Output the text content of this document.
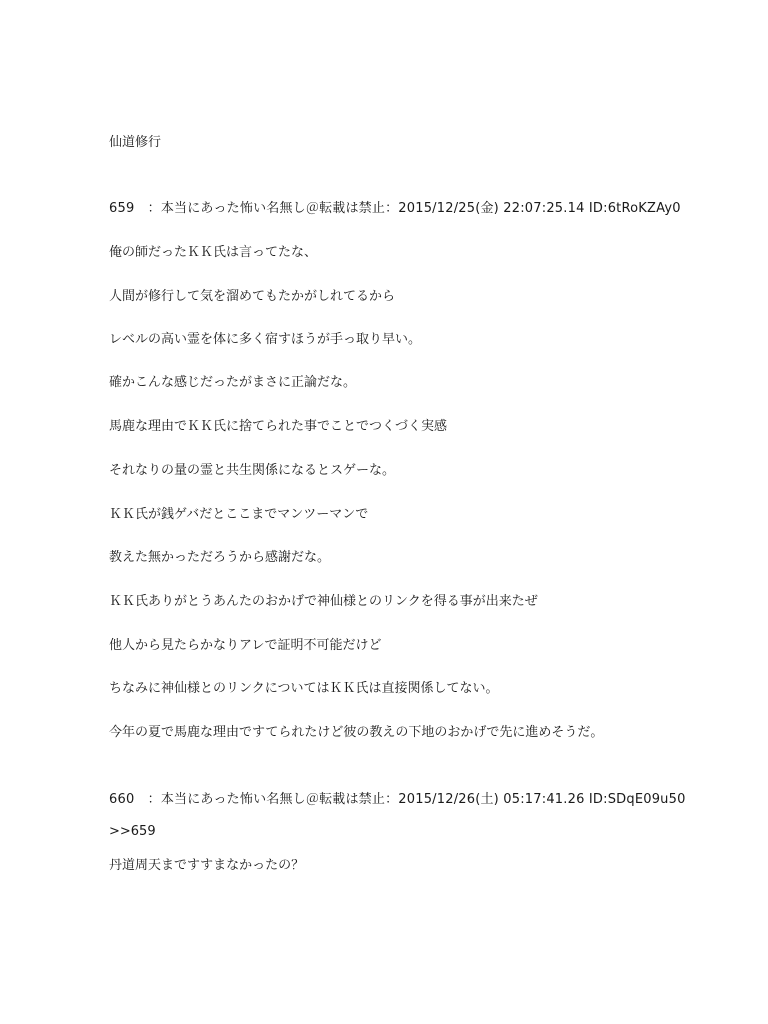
仙道修行
659　：本当にあった怖い名無し＠転載は禁止：2015/12/25(金) 22:07:25.14 ID:6tRoKZAy0
俺の師だったＫＫ氏は言ってたな、
人間が修行して気を溜めてもたかがしれてるから
レベルの高い霊を体に多く宿すほうが手っ取り早い。
確かこんな感じだったがまさに正論だな。
馬鹿な理由でＫＫ氏に捨てられた事でことでつくづく実感
それなりの量の霊と共生関係になるとスゲーな。
ＫＫ氏が銭ゲバだとここまでマンツーマンで
教えた無かっただろうから感謝だな。
ＫＫ氏ありがとうあんたのおかげで神仙様とのリンクを得る事が出来たぜ
他人から見たらかなりアレで証明不可能だけど
ちなみに神仙様とのリンクについてはＫＫ氏は直接関係してない。
今年の夏で馬鹿な理由ですてられたけど彼の教えの下地のおかげで先に進めそうだ。
660　：本当にあった怖い名無し＠転載は禁止：2015/12/26(土) 05:17:41.26 ID:SDqE09u50
>>659
丹道周天まですすまなかったの？
